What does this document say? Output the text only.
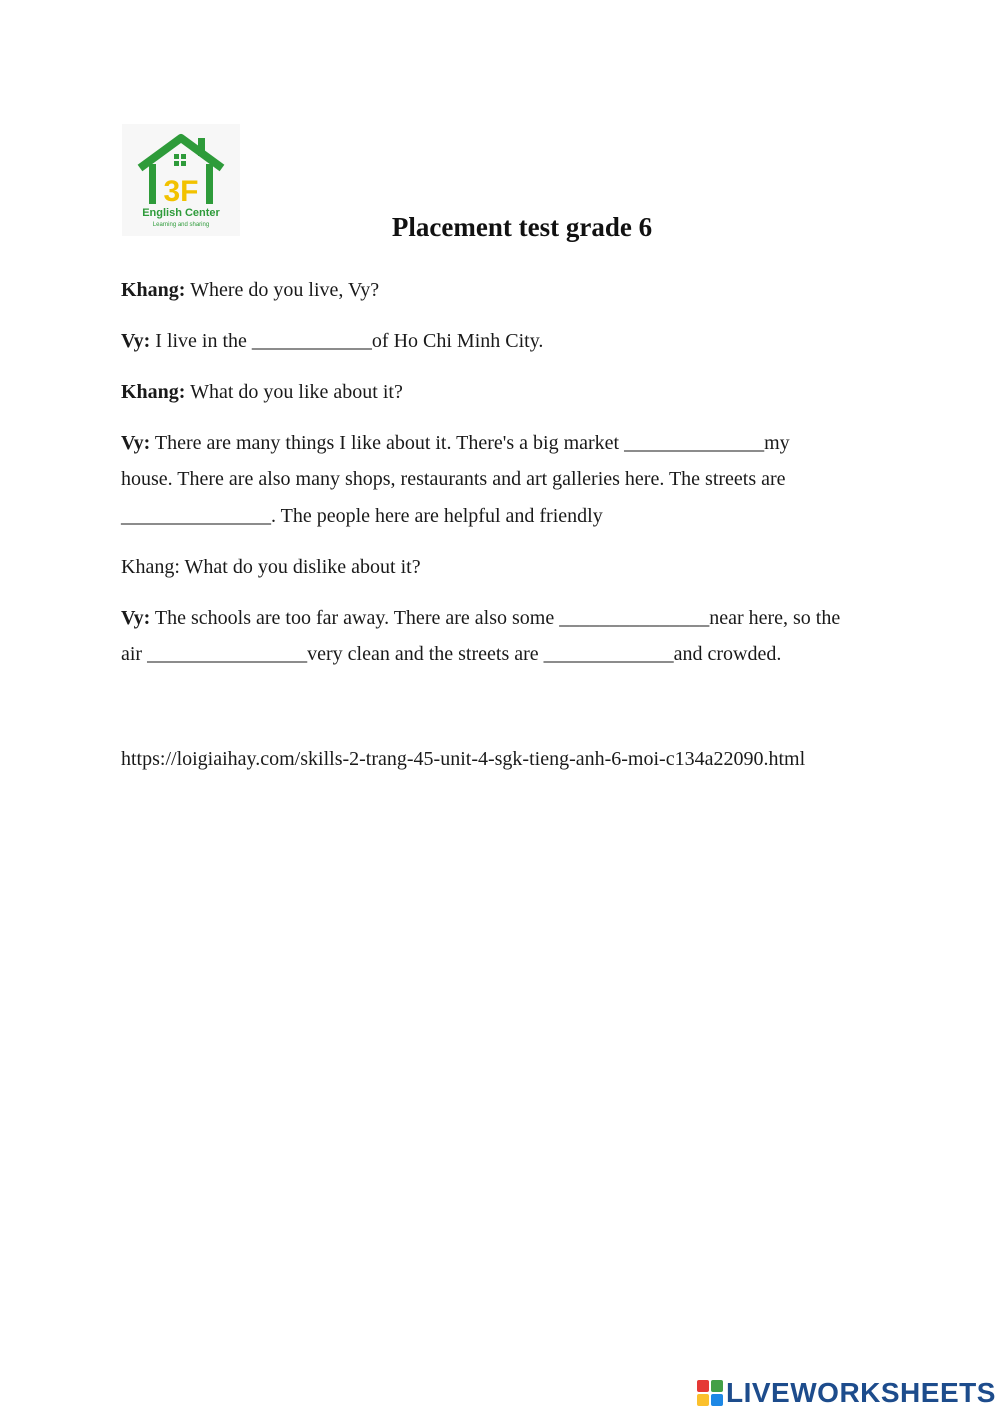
3F
English Center
Learning and sharing	Placement test grade 6
Khang: Where do you live, Vy?
Vy: I live in the ____________of Ho Chi Minh City.
Khang: What do you like about it?
Vy: There are many things I like about it. There's a big market ______________my
house. There are also many shops, restaurants and art galleries here. The streets are
_______________. The people here are helpful and friendly
Khang: What do you dislike about it?
Vy: The schools are too far away. There are also some _______________near here, so the
air ________________very clean and the streets are _____________and crowded.
https://loigiaihay.com/skills-2-trang-45-unit-4-sgk-tieng-anh-6-moi-c134a22090.html
LIVEWORKSHEETS
